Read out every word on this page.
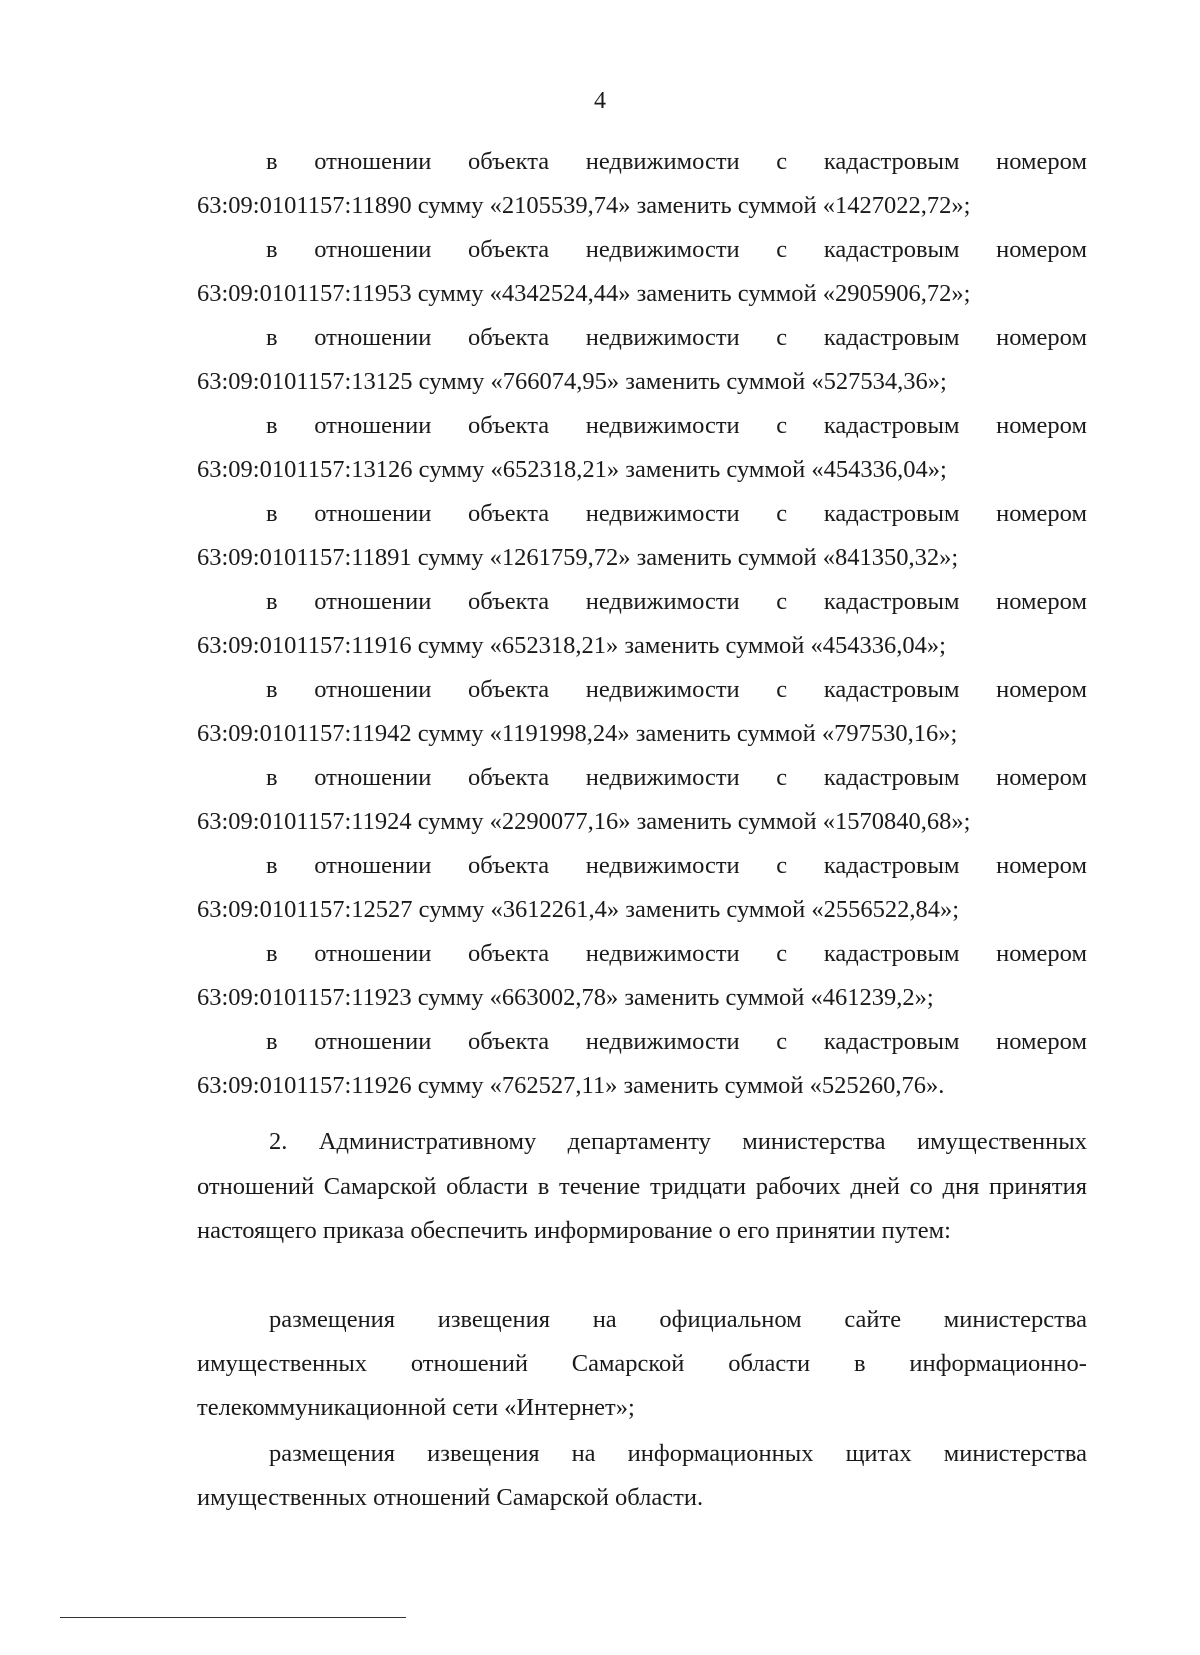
4
в отношении объекта недвижимости с кадастровым номером
63:09:0101157:11890 сумму «2105539,74» заменить суммой «1427022,72»;
в отношении объекта недвижимости с кадастровым номером
63:09:0101157:11953 сумму «4342524,44» заменить суммой «2905906,72»;
в отношении объекта недвижимости с кадастровым номером
63:09:0101157:13125 сумму «766074,95» заменить суммой «527534,36»;
в отношении объекта недвижимости с кадастровым номером
63:09:0101157:13126 сумму «652318,21» заменить суммой «454336,04»;
в отношении объекта недвижимости с кадастровым номером
63:09:0101157:11891 сумму «1261759,72» заменить суммой «841350,32»;
в отношении объекта недвижимости с кадастровым номером
63:09:0101157:11916 сумму «652318,21» заменить суммой «454336,04»;
в отношении объекта недвижимости с кадастровым номером
63:09:0101157:11942 сумму «1191998,24» заменить суммой «797530,16»;
в отношении объекта недвижимости с кадастровым номером
63:09:0101157:11924 сумму «2290077,16» заменить суммой «1570840,68»;
в отношении объекта недвижимости с кадастровым номером
63:09:0101157:12527 сумму «3612261,4» заменить суммой «2556522,84»;
в отношении объекта недвижимости с кадастровым номером
63:09:0101157:11923 сумму «663002,78» заменить суммой «461239,2»;
в отношении объекта недвижимости с кадастровым номером
63:09:0101157:11926 сумму «762527,11» заменить суммой «525260,76».

2. Административному департаменту министерства имущественных отношений Самарской области в течение тридцати рабочих дней со дня принятия настоящего приказа обеспечить информирование о его принятии путем:

размещения извещения на официальном сайте министерства
имущественных отношений Самарской области в информационно-
телекоммуникационной сети «Интернет»;
размещения извещения на информационных щитах министерства
имущественных отношений Самарской области.
